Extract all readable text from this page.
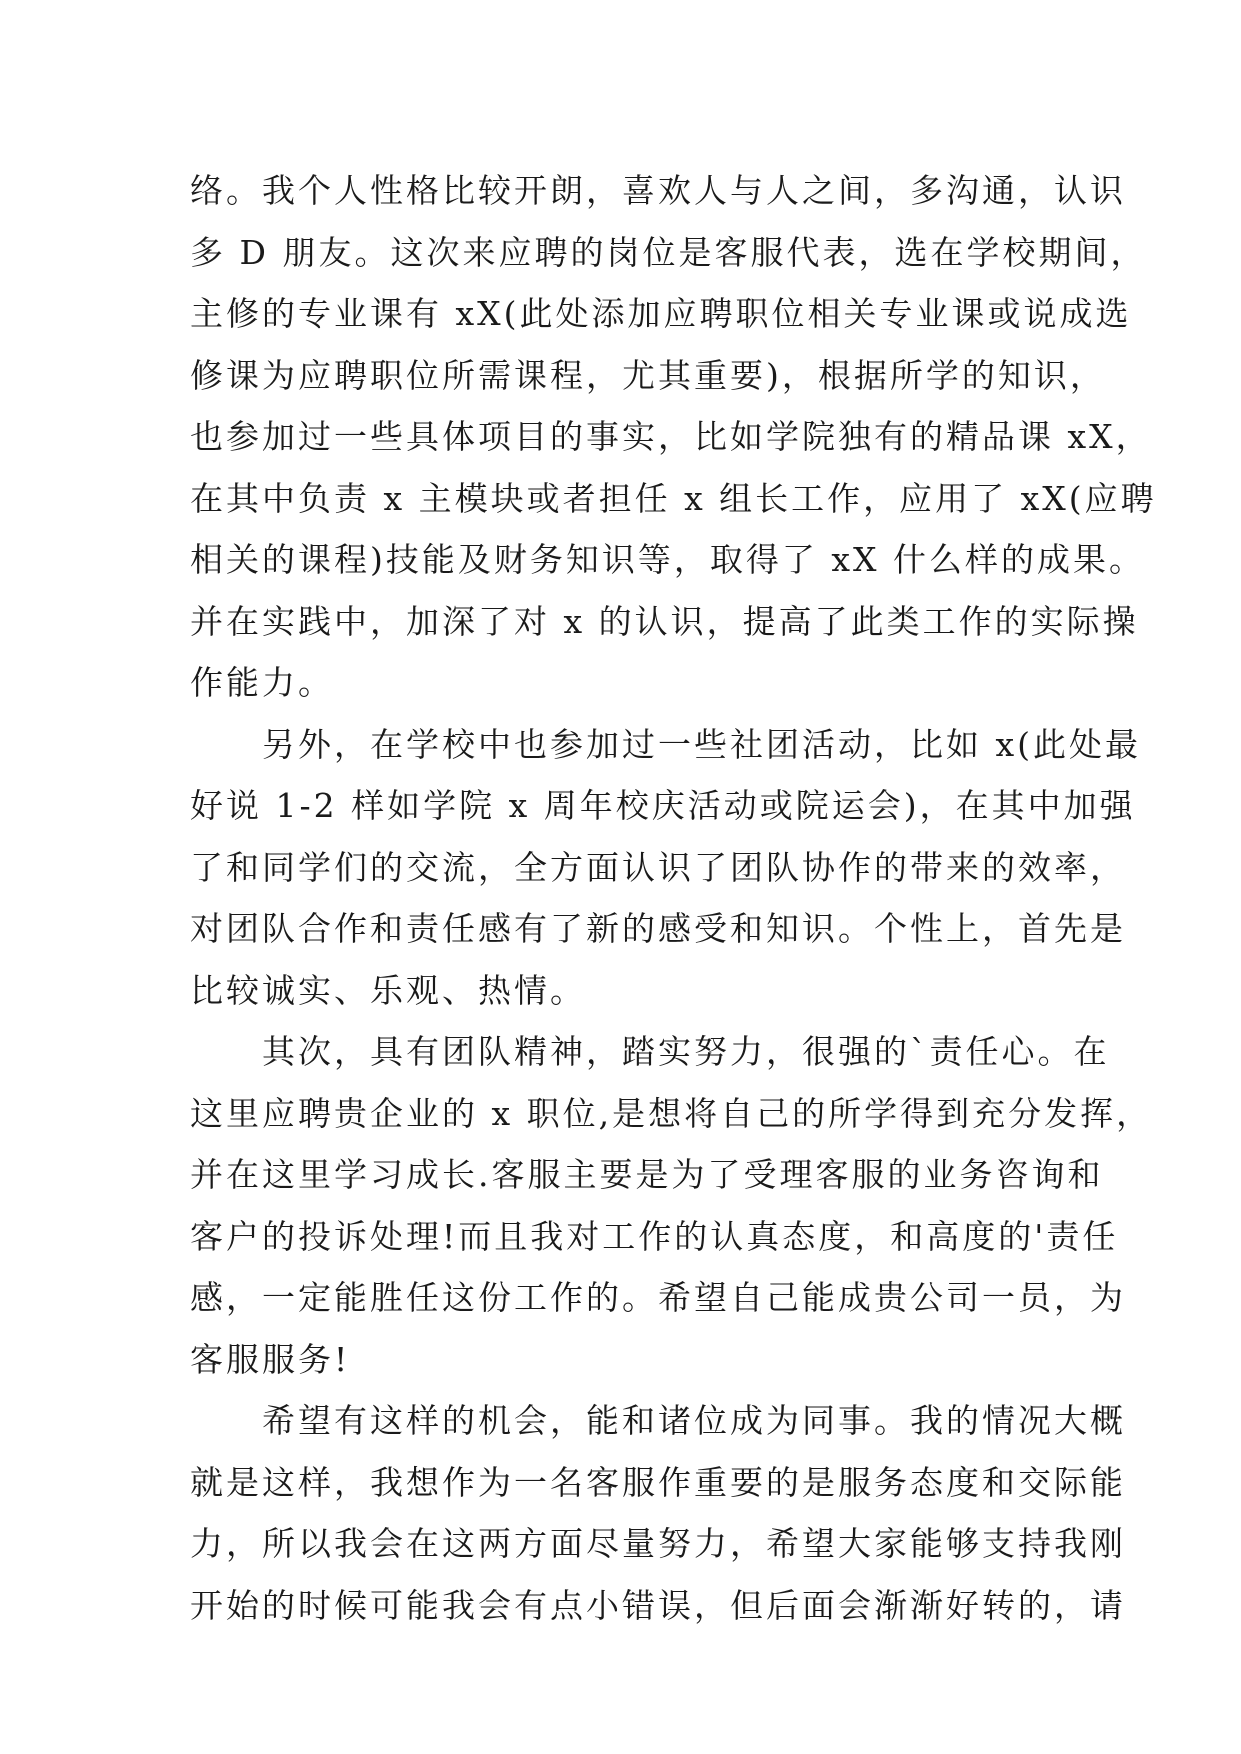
络。我个人性格比较开朗，喜欢人与人之间，多沟通，认识
多 D 朋友。这次来应聘的岗位是客服代表，选在学校期间，
主修的专业课有 xX(此处添加应聘职位相关专业课或说成选
修课为应聘职位所需课程，尤其重要)，根据所学的知识，
也参加过一些具体项目的事实，比如学院独有的精品课 xX，
在其中负责 x 主模块或者担任 x 组长工作，应用了 xX(应聘
相关的课程)技能及财务知识等，取得了 xX 什么样的成果。
并在实践中，加深了对 x 的认识，提高了此类工作的实际操
作能力。
另外，在学校中也参加过一些社团活动，比如 x(此处最
好说 1-2 样如学院 x 周年校庆活动或院运会)，在其中加强
了和同学们的交流，全方面认识了团队协作的带来的效率，
对团队合作和责任感有了新的感受和知识。个性上，首先是
比较诚实、乐观、热情。
其次，具有团队精神，踏实努力，很强的`责任心。在
这里应聘贵企业的 x 职位,是想将自己的所学得到充分发挥，
并在这里学习成长.客服主要是为了受理客服的业务咨询和
客户的投诉处理!而且我对工作的认真态度，和高度的'责任
感，一定能胜任这份工作的。希望自己能成贵公司一员，为
客服服务!
希望有这样的机会，能和诸位成为同事。我的情况大概
就是这样，我想作为一名客服作重要的是服务态度和交际能
力，所以我会在这两方面尽量努力，希望大家能够支持我刚
开始的时候可能我会有点小错误，但后面会渐渐好转的，请
